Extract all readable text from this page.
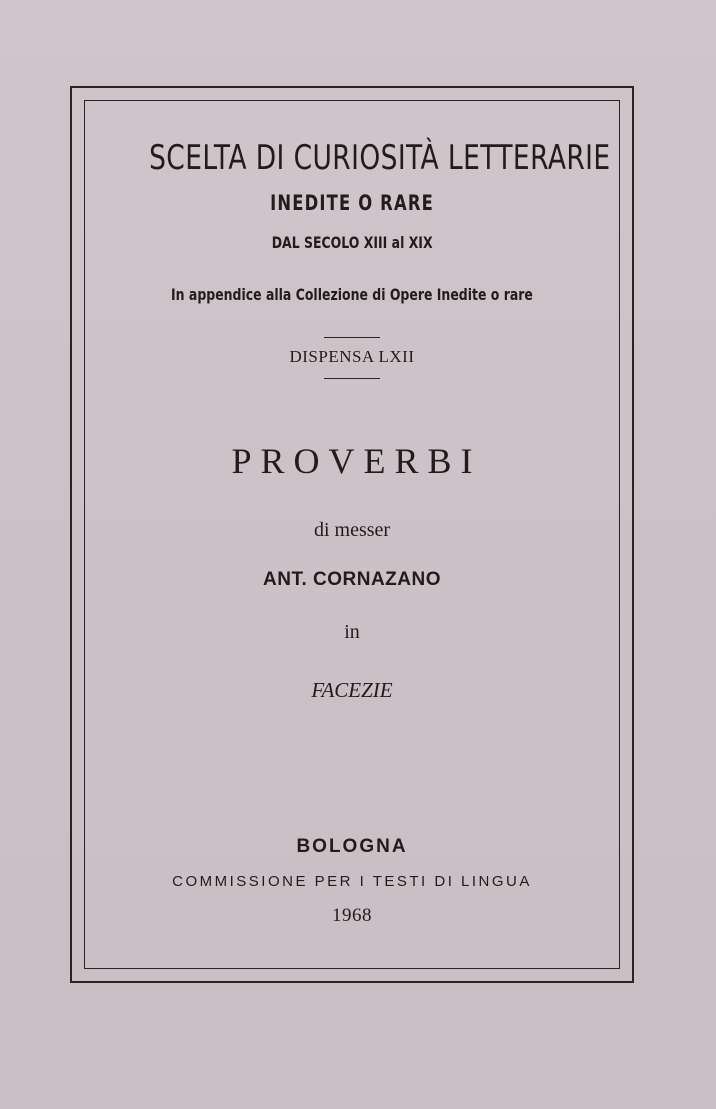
SCELTA DI CURIOSITÀ LETTERARIE
INEDITE O RARE
DAL SECOLO XIII al XIX
In appendice alla Collezione di Opere Inedite o rare
DISPENSA LXII
PROVERBI
di messer
ANT. CORNAZANO
in
FACEZIE
BOLOGNA
COMMISSIONE PER I TESTI DI LINGUA
1968
